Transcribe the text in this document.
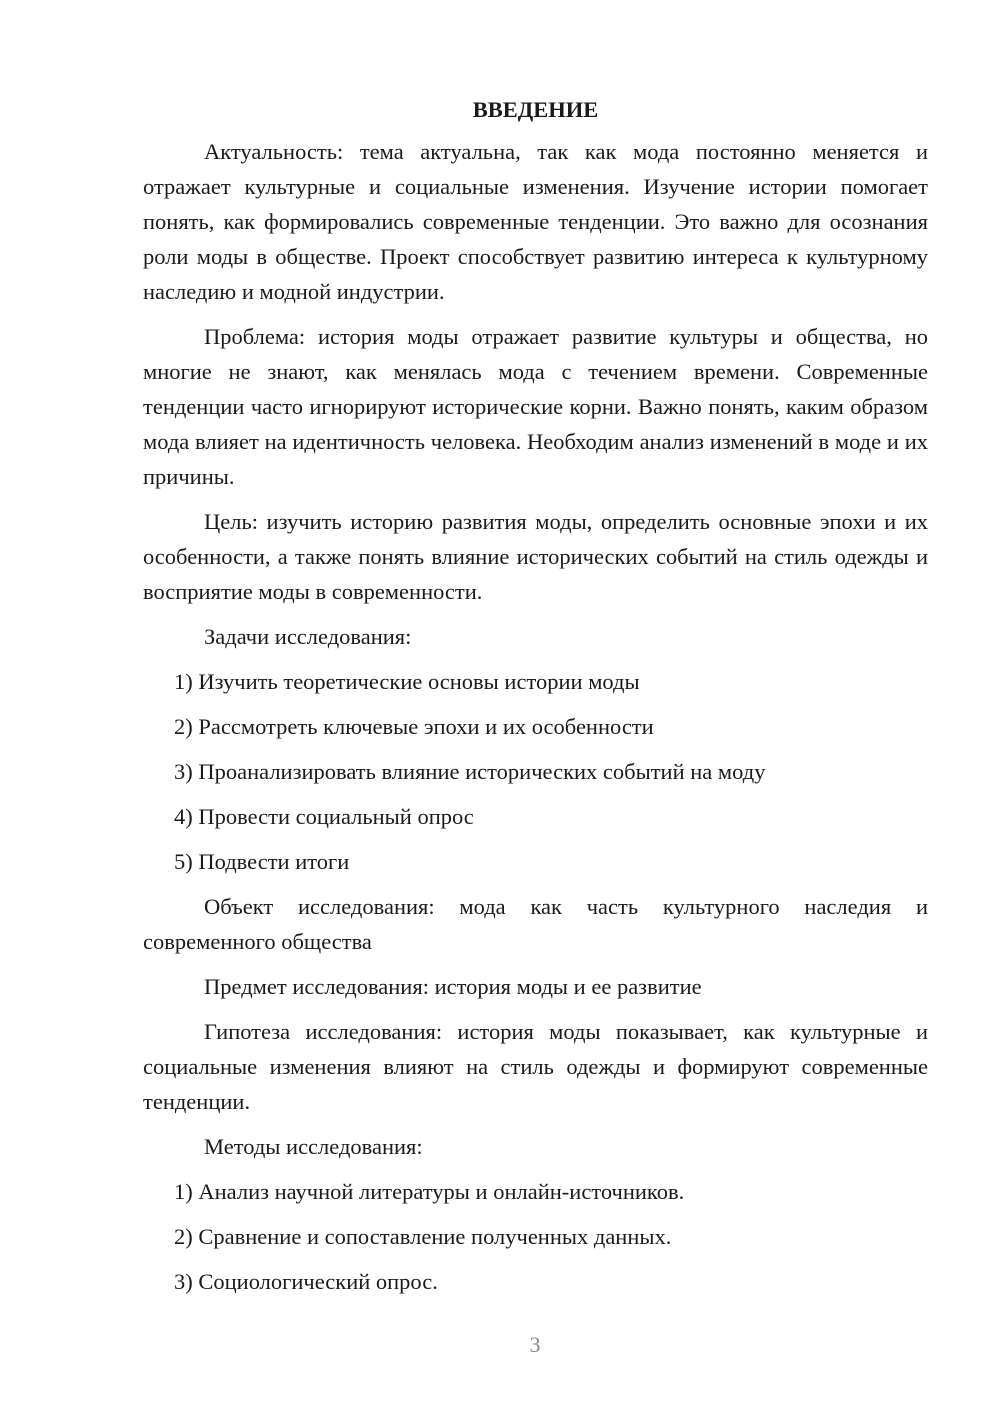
ВВЕДЕНИЕ

Актуальность: тема актуальна, так как мода постоянно меняется и отражает культурные и социальные изменения. Изучение истории помогает понять, как формировались современные тенденции. Это важно для осознания роли моды в обществе. Проект способствует развитию интереса к культурному наследию и модной индустрии.

Проблема: история моды отражает развитие культуры и общества, но многие не знают, как менялась мода с течением времени. Современные тенденции часто игнорируют исторические корни. Важно понять, каким образом мода влияет на идентичность человека. Необходим анализ изменений в моде и их причины.

Цель: изучить историю развития моды, определить основные эпохи и их особенности, а также понять влияние исторических событий на стиль одежды и восприятие моды в современности.

Задачи исследования:

1) Изучить теоретические основы истории моды

2) Рассмотреть ключевые эпохи и их особенности

3) Проанализировать влияние исторических событий на моду

4) Провести социальный опрос

5) Подвести итоги

Объект исследования: мода как часть культурного наследия и современного общества

Предмет исследования: история моды и ее развитие

Гипотеза исследования: история моды показывает, как культурные и социальные изменения влияют на стиль одежды и формируют современные тенденции.

Методы исследования:

1) Анализ научной литературы и онлайн-источников.

2) Сравнение и сопоставление полученных данных.

3) Социологический опрос.

3
